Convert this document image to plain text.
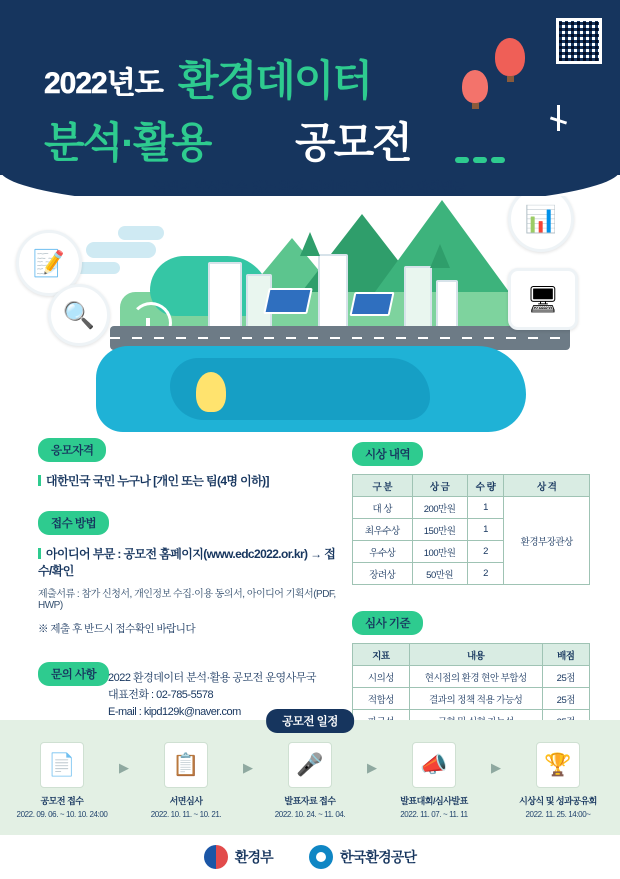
2022년도 환경데이터
분석·활용 공모전
국민이 안심할 수 있는 환경, 데이터로 도약하는 대한민국
📝
🔍
📊
🖥
응모자격
대한민국 국민 누구나 [개인 또는 팀(4명 이하)]
접수 방법
아이디어 부문 : 공모전 홈페이지(www.edc2022.or.kr) → 접수/확인
제출서류 : 참가 신청서, 개인정보 수집·이용 동의서, 아이디어 기획서(PDF, HWP)
※ 제출 후 반드시 접수확인 바랍니다
문의 사항 2022 환경데이터 분석·활용 공모전 운영사무국
대표전화 : 02-785-5578
E-mail : kipd129k@naver.com
시상 내역
구 분	상 금	수 량	상 격
대 상	200만원	1	환경부장관상
최우수상	150만원	1	
우수상	100만원	2	
장려상	50만원	2	
심사 기준
지표	내용	배점
시의성	현시점의 환경 현안 부합성	25점
적합성	결과의 정책 적용 가능성	25점

공모전 일정
📄
공모전 접수
2022. 09. 06. ~ 10. 10. 24:00
▶	📋
서면심사
2022. 10. 11. ~ 10. 21.
▶	🎤
발표자료 접수
2022. 10. 24. ~ 11. 04.
▶	📣
발표대회/심사발표
2022. 11. 07. ~ 11. 11
▶	🏆
시상식 및 성과공유회
2022. 11. 25. 14:00~
환경부	한국환경공단
